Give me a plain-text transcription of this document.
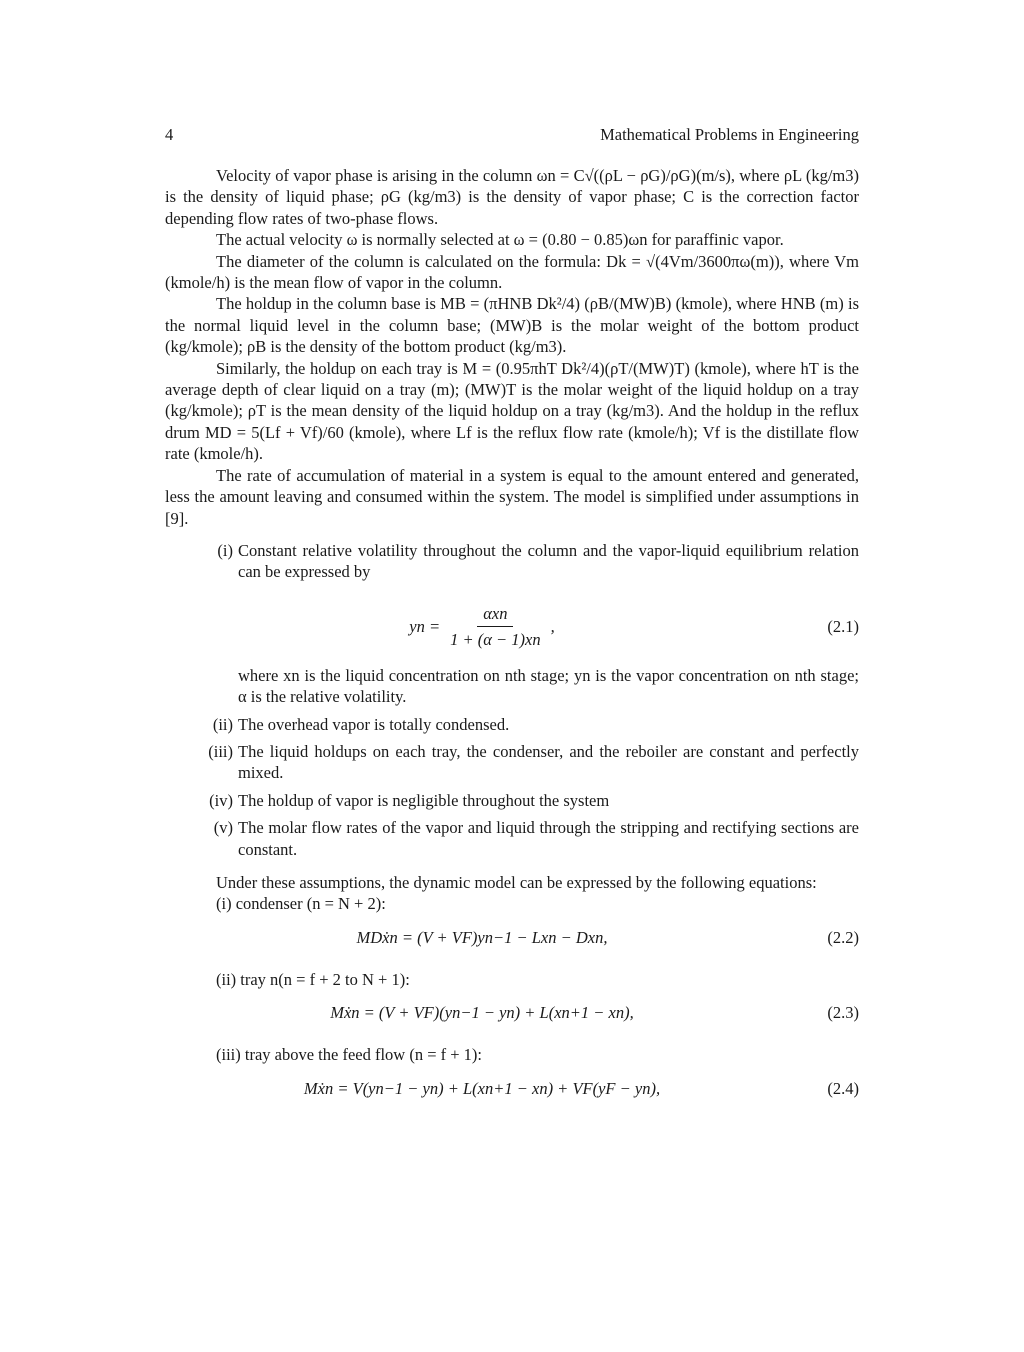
4	Mathematical Problems in Engineering

Velocity of vapor phase is arising in the column ωn = C√((ρL − ρG)/ρG)(m/s), where ρL (kg/m3) is the density of liquid phase; ρG (kg/m3) is the density of vapor phase; C is the correction factor depending flow rates of two-phase flows.

The actual velocity ω is normally selected at ω = (0.80 − 0.85)ωn for paraffinic vapor.

The diameter of the column is calculated on the formula: Dk = √(4Vm/3600πω(m)), where Vm (kmole/h) is the mean flow of vapor in the column.

The holdup in the column base is MB = (πHNB Dk²/4) (ρB/(MW)B) (kmole), where HNB (m) is the normal liquid level in the column base; (MW)B is the molar weight of the bottom product (kg/kmole); ρB is the density of the bottom product (kg/m3).

Similarly, the holdup on each tray is M = (0.95πhT Dk²/4)(ρT/(MW)T) (kmole), where hT is the average depth of clear liquid on a tray (m); (MW)T is the molar weight of the liquid holdup on a tray (kg/kmole); ρT is the mean density of the liquid holdup on a tray (kg/m3). And the holdup in the reflux drum MD = 5(Lf + Vf)/60 (kmole), where Lf is the reflux flow rate (kmole/h); Vf is the distillate flow rate (kmole/h).

The rate of accumulation of material in a system is equal to the amount entered and generated, less the amount leaving and consumed within the system. The model is simplified under assumptions in [9].

(i) Constant relative volatility throughout the column and the vapor-liquid equilibrium relation can be expressed by
yn = $\frac{\text{αxn}}{1 + (\alpha - 1)xn}$ ,	(2.1)

where xn is the liquid concentration on nth stage; yn is the vapor concentration on nth stage; α is the relative volatility.

(ii) The overhead vapor is totally condensed.
(iii) The liquid holdups on each tray, the condenser, and the reboiler are constant and perfectly mixed.
(iv) The holdup of vapor is negligible throughout the system
(v) The molar flow rates of the vapor and liquid through the stripping and rectifying sections are constant.

Under these assumptions, the dynamic model can be expressed by the following equations:

(i) condenser (n = N + 2):
MDẋn = (V + VF)yn−1 − Lxn − Dxn,	(2.2)
(ii) tray n(n = f + 2 to N + 1):
Mẋn = (V + VF)(yn−1 − yn) + L(xn+1 − xn),	(2.3)
(iii) tray above the feed flow (n = f + 1):
Mẋn = V(yn−1 − yn) + L(xn+1 − xn) + VF(yF − yn),	(2.4)
